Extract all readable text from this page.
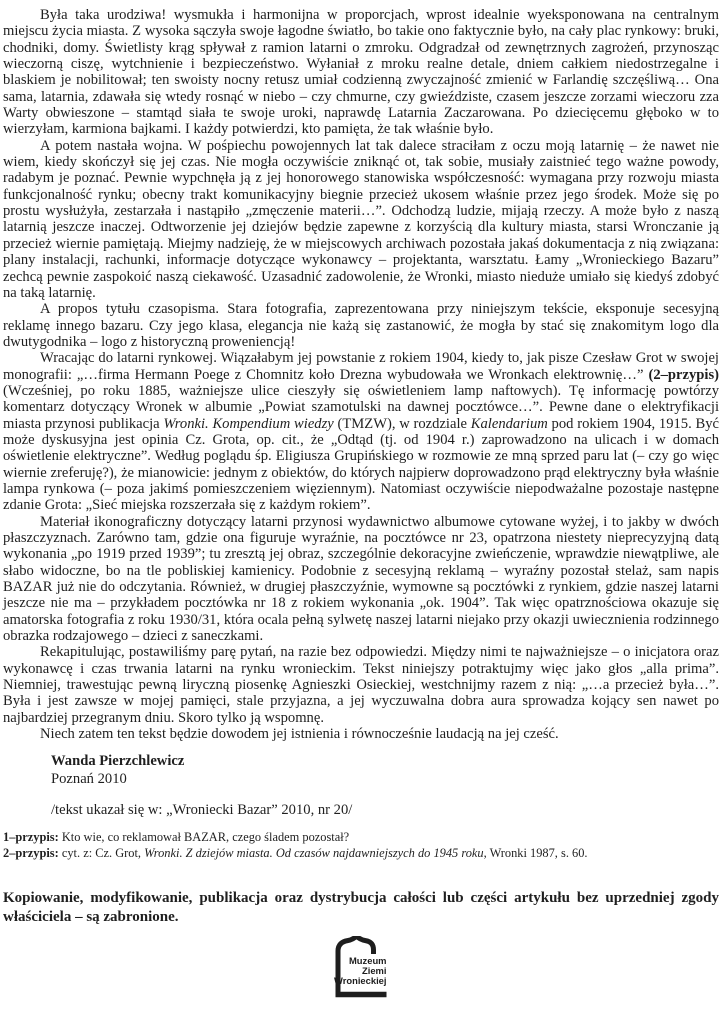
Była taka urodziwa! wysmukła i harmonijna w proporcjach, wprost idealnie wyeksponowana na centralnym miejscu życia miasta. Z wysoka sączyła swoje łagodne światło, bo takie ono faktycznie było, na cały plac rynkowy: bruki, chodniki, domy. Świetlisty krąg spływał z ramion latarni o zmroku. Odgradzał od zewnętrznych zagrożeń, przynosząc wieczorną ciszę, wytchnienie i bezpieczeństwo. Wyłaniał z mroku realne detale, dniem całkiem niedostrzegalne i blaskiem je nobilitował; ten swoisty nocny retusz umiał codzienną zwyczajność zmienić w Farlandię szczęśliwą… Ona sama, latarnia, zdawała się wtedy rosnąć w niebo – czy chmurne, czy gwieździste, czasem jeszcze zorzami wieczoru zza Warty obwieszone – stamtąd siała te swoje uroki, naprawdę Latarnia Zaczarowana. Po dziecięcemu głęboko w to wierzyłam, karmiona bajkami. I każdy potwierdzi, kto pamięta, że tak właśnie było.

A potem nastała wojna. W pośpiechu powojennych lat tak dalece straciłam z oczu moją latarnię – że nawet nie wiem, kiedy skończył się jej czas. Nie mogła oczywiście zniknąć ot, tak sobie, musiały zaistnieć tego ważne powody, radabym je poznać. Pewnie wypchnęła ją z jej honorowego stanowiska współczesność: wymagana przy rozwoju miasta funkcjonalność rynku; obecny trakt komunikacyjny biegnie przecież ukosem właśnie przez jego środek. Może się po prostu wysłużyła, zestarzała i nastąpiło „zmęczenie materii…”. Odchodzą ludzie, mijają rzeczy. A może było z naszą latarnią jeszcze inaczej. Odtworzenie jej dziejów będzie zapewne z korzyścią dla kultury miasta, starsi Wronczanie ją przecież wiernie pamiętają. Miejmy nadzieję, że w miejscowych archiwach pozostała jakaś dokumentacja z nią związana: plany instalacji, rachunki, informacje dotyczące wykonawcy – projektanta, warsztatu. Łamy „Wronieckiego Bazaru” zechcą pewnie zaspokoić naszą ciekawość. Uzasadnić zadowolenie, że Wronki, miasto nieduże umiało się kiedyś zdobyć na taką latarnię.

A propos tytułu czasopisma. Stara fotografia, zaprezentowana przy niniejszym tekście, eksponuje secesyjną reklamę innego bazaru. Czy jego klasa, elegancja nie każą się zastanowić, że mogła by stać się znakomitym logo dla dwutygodnika – logo z historyczną proweniencją!

Wracając do latarni rynkowej. Wiązałabym jej powstanie z rokiem 1904, kiedy to, jak pisze Czesław Grot w swojej monografii: „…firma Hermann Poege z Chomnitz koło Drezna wybudowała we Wronkach elektrownię…” (2–przypis) (Wcześniej, po roku 1885, ważniejsze ulice cieszyły się oświetleniem lamp naftowych). Tę informację powtórzy komentarz dotyczący Wronek w albumie „Powiat szamotulski na dawnej pocztówce…”. Pewne dane o elektryfikacji miasta przynosi publikacja Wronki. Kompendium wiedzy (TMZW), w rozdziale Kalendarium pod rokiem 1904, 1915. Być może dyskusyjna jest opinia Cz. Grota, op. cit., że „Odtąd (tj. od 1904 r.) zaprowadzono na ulicach i w domach oświetlenie elektryczne”. Według poglądu śp. Eligiusza Grupińskiego w rozmowie ze mną sprzed paru lat (– czy go więc wiernie zreferuję?), że mianowicie: jednym z obiektów, do których najpierw doprowadzono prąd elektryczny była właśnie lampa rynkowa (– poza jakimś pomieszczeniem więziennym). Natomiast oczywiście niepodważalne pozostaje następne zdanie Grota: „Sieć miejska rozszerzała się z każdym rokiem”.

Materiał ikonograficzny dotyczący latarni przynosi wydawnictwo albumowe cytowane wyżej, i to jakby w dwóch płaszczyznach. Zarówno tam, gdzie ona figuruje wyraźnie, na pocztówce nr 23, opatrzona niestety nieprecyzyjną datą wykonania „po 1919 przed 1939”; tu zresztą jej obraz, szczególnie dekoracyjne zwieńczenie, wprawdzie niewątpliwe, ale słabo widoczne, bo na tle pobliskiej kamienicy. Podobnie z secesyjną reklamą – wyraźny pozostał stelaż, sam napis BAZAR już nie do odczytania. Również, w drugiej płaszczyźnie, wymowne są pocztówki z rynkiem, gdzie naszej latarni jeszcze nie ma – przykładem pocztówka nr 18 z rokiem wykonania „ok. 1904”. Tak więc opatrznościowa okazuje się amatorska fotografia z roku 1930/31, która ocala pełną sylwetę naszej latarni niejako przy okazji uwiecznienia rodzinnego obrazka rodzajowego – dzieci z saneczkami.

Rekapitulując, postawiliśmy parę pytań, na razie bez odpowiedzi. Między nimi te najważniejsze – o inicjatora oraz wykonawcę i czas trwania latarni na rynku wronieckim. Tekst niniejszy potraktujmy więc jako głos „alla prima”. Niemniej, trawestując pewną liryczną piosenkę Agnieszki Osieckiej, westchnijmy razem z nią: „…a przecież była…”. Była i jest zawsze w mojej pamięci, stale przyjazna, a jej wyczuwalna dobra aura sprowadza kojący sen nawet po najbardziej przegranym dniu. Skoro tylko ją wspomnę.

Niech zatem ten tekst będzie dowodem jej istnienia i równocześnie laudacją na jej cześć.

Wanda Pierzchlewicz
Poznań 2010
/tekst ukazał się w: „Wroniecki Bazar” 2010, nr 20/

1–przypis: Kto wie, co reklamował BAZAR, czego śladem pozostał?

2–przypis: cyt. z: Cz. Grot, Wronki. Z dziejów miasta. Od czasów najdawniejszych do 1945 roku, Wronki 1987, s. 60.

Kopiowanie, modyfikowanie, publikacja oraz dystrybucja całości lub części artykułu bez uprzedniej zgody właściciela – są zabronione.
Muzeum
Ziemi
Wronieckiej
